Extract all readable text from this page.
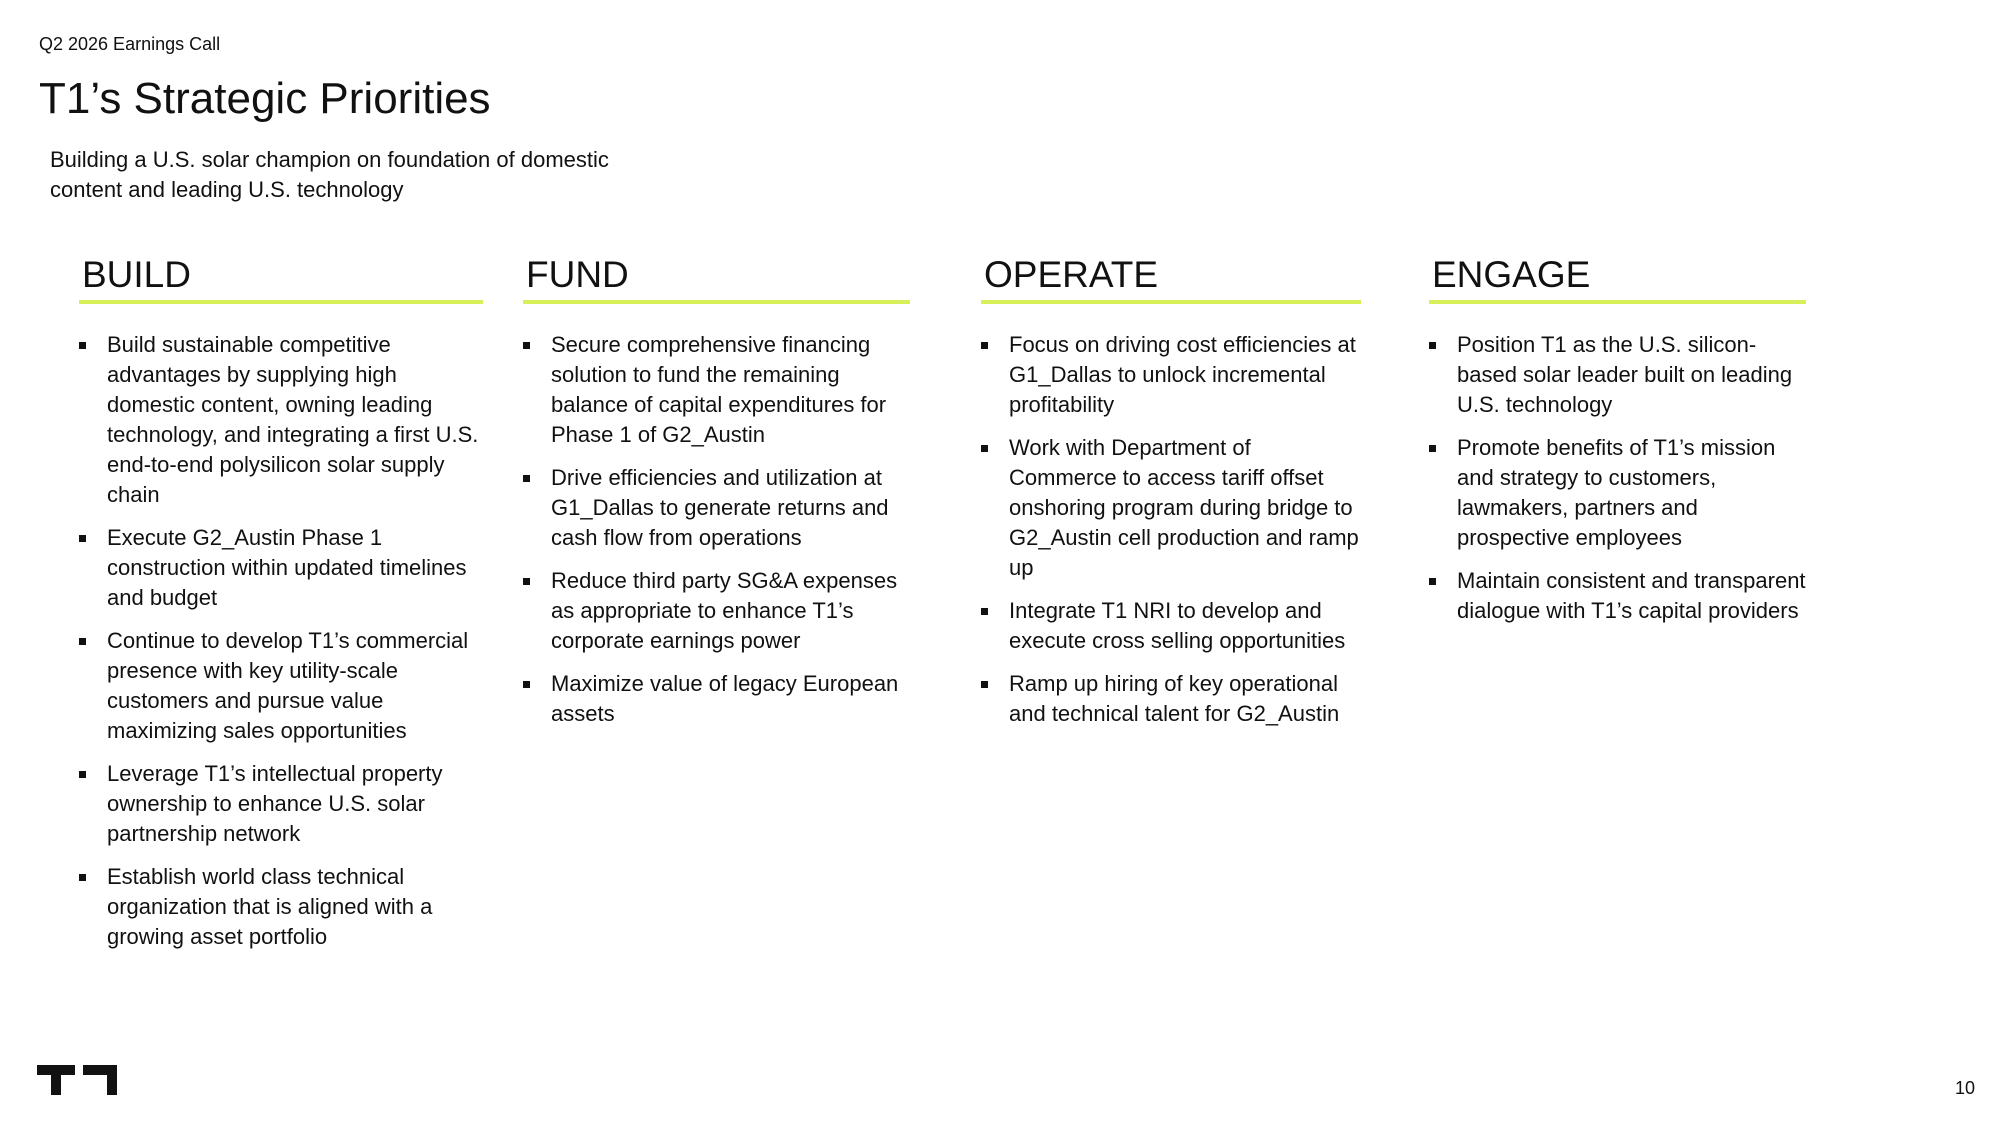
Q2 2026 Earnings Call
T1’s Strategic Priorities
Building a U.S. solar champion on foundation of domestic content and leading U.S. technology
BUILD
Build sustainable competitive advantages by supplying high domestic content, owning leading technology, and integrating a first U.S. end-to-end polysilicon solar supply chain
Execute G2_Austin Phase 1 construction within updated timelines and budget
Continue to develop T1’s commercial presence with key utility-scale customers and pursue value maximizing sales opportunities
Leverage T1’s intellectual property ownership to enhance U.S. solar partnership network
Establish world class technical organization that is aligned with a growing asset portfolio
FUND
Secure comprehensive financing solution to fund the remaining balance of capital expenditures for Phase 1 of G2_Austin
Drive efficiencies and utilization at G1_Dallas to generate returns and cash flow from operations
Reduce third party SG&A expenses as appropriate to enhance T1’s corporate earnings power
Maximize value of legacy European assets
OPERATE
Focus on driving cost efficiencies at G1_Dallas to unlock incremental profitability
Work with Department of Commerce to access tariff offset onshoring program during bridge to G2_Austin cell production and ramp up
Integrate T1 NRI to develop and execute cross selling opportunities
Ramp up hiring of key operational and technical talent for G2_Austin
ENGAGE
Position T1 as the U.S. silicon-based solar leader built on leading U.S. technology
Promote benefits of T1’s mission and strategy to customers, lawmakers, partners and prospective employees
Maintain consistent and transparent dialogue with T1’s capital providers
10
